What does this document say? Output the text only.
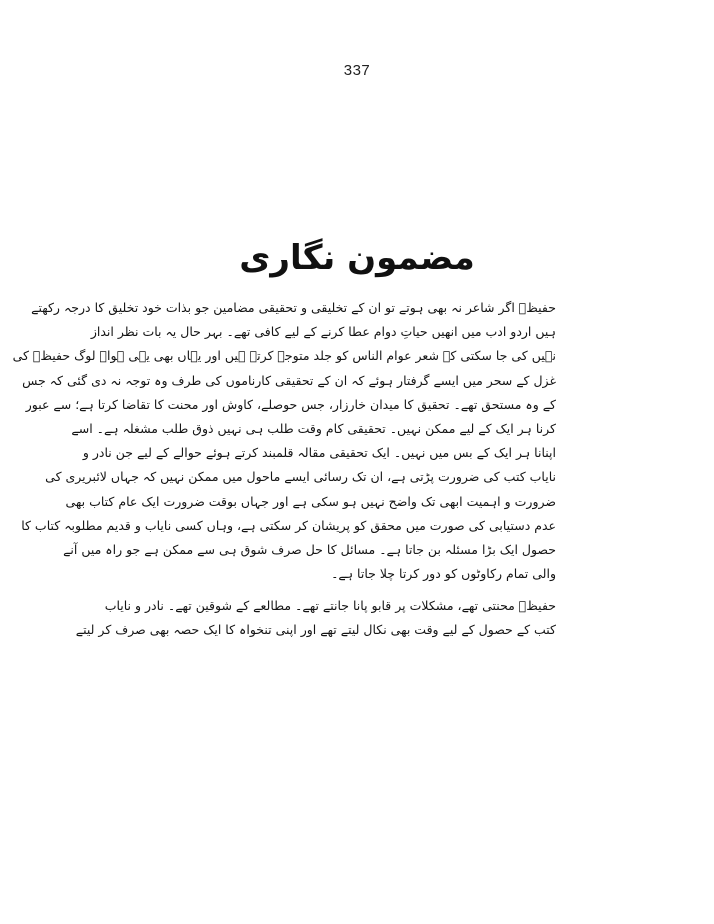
337
مضمون نگاری
حفیظؔ اگر شاعر نہ بھی ہوتے تو ان کے تخلیقی و تحقیقی مضامین جو بذات خود تخلیق کا درجہ رکھتے
ہیں اردو ادب میں انھیں حیاتِ دوام عطا کرنے کے لیے کافی تھے۔ بہر حال یہ بات نظر انداز
نہیں کی جا سکتی کہ شعر عوام الناس کو جلد متوجہ کرتے ہیں اور یہاں بھی یہی ہوا۔ لوگ حفیظؔ کی
غزل کے سحر میں ایسے گرفتار ہوئے کہ ان کے تحقیقی کارناموں کی طرف وہ توجہ نہ دی گئی کہ جس
کے وہ مستحق تھے۔ تحقیق کا میدان خارزار، جس حوصلے، کاوش اور محنت کا تقاضا کرتا ہے؛ سے عبور
کرنا ہر ایک کے لیے ممکن نہیں۔ تحقیقی کام وقت طلب ہی نہیں ذوق طلب مشغلہ ہے۔ اسے
اپنانا ہر ایک کے بس میں نہیں۔ ایک تحقیقی مقالہ قلمبند کرتے ہوئے حوالے کے لیے جن نادر و
نایاب کتب کی ضرورت پڑتی ہے، ان تک رسائی ایسے ماحول میں ممکن نہیں کہ جہاں لائبریری کی
ضرورت و اہمیت ابھی تک واضح نہیں ہو سکی ہے اور جہاں بوقت ضرورت ایک عام کتاب بھی
عدم دستیابی کی صورت میں محقق کو پریشان کر سکتی ہے، وہاں کسی نایاب و قدیم مطلوبہ کتاب کا
حصول ایک بڑا مسئلہ بن جاتا ہے۔ مسائل کا حل صرف شوق ہی سے ممکن ہے جو راہ میں آنے
والی تمام رکاوٹوں کو دور کرتا چلا جاتا ہے۔
حفیظؔ محنتی تھے، مشکلات پر قابو پانا جانتے تھے۔ مطالعے کے شوقین تھے۔ نادر و نایاب
کتب کے حصول کے لیے وقت بھی نکال لیتے تھے اور اپنی تنخواہ کا ایک حصہ بھی صرف کر لیتے
